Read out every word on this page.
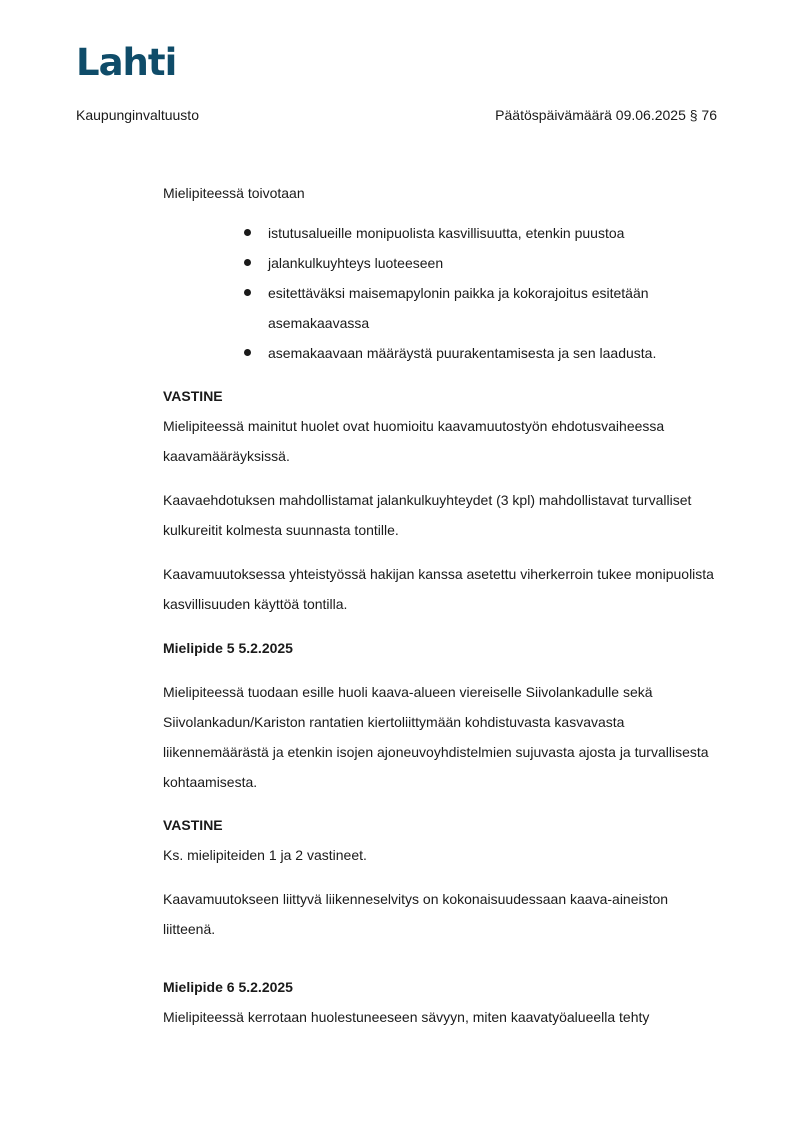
Lahti
Kaupunginvaltuusto	Päätöspäivämäärä 09.06.2025 § 76

Mielipiteessä toivotaan

istutusalueille monipuolista kasvillisuutta, etenkin puustoa
jalankulkuyhteys luoteeseen
esitettäväksi maisemapylonin paikka ja kokorajoitus esitetään asemakaavassa
asemakaavaan määräystä puurakentamisesta ja sen laadusta.

VASTINE

Mielipiteessä mainitut huolet ovat huomioitu kaavamuutostyön ehdotusvaiheessa kaavamääräyksissä.

Kaavaehdotuksen mahdollistamat jalankulkuyhteydet (3 kpl) mahdollistavat turvalliset kulkureitit kolmesta suunnasta tontille.

Kaavamuutoksessa yhteistyössä hakijan kanssa asetettu viherkerroin tukee monipuolista kasvillisuuden käyttöä tontilla.

Mielipide 5 5.2.2025

Mielipiteessä tuodaan esille huoli kaava-alueen viereiselle Siivolankadulle sekä Siivolankadun/Kariston rantatien kiertoliittymään kohdistuvasta kasvavasta liikennemäärästä ja etenkin isojen ajoneuvoyhdistelmien sujuvasta ajosta ja turvallisesta kohtaamisesta.

VASTINE

Ks. mielipiteiden 1 ja 2 vastineet.

Kaavamuutokseen liittyvä liikenneselvitys on kokonaisuudessaan kaava-aineiston liitteenä.

Mielipide 6 5.2.2025

Mielipiteessä kerrotaan huolestuneeseen sävyyn, miten kaavatyöalueella tehty
